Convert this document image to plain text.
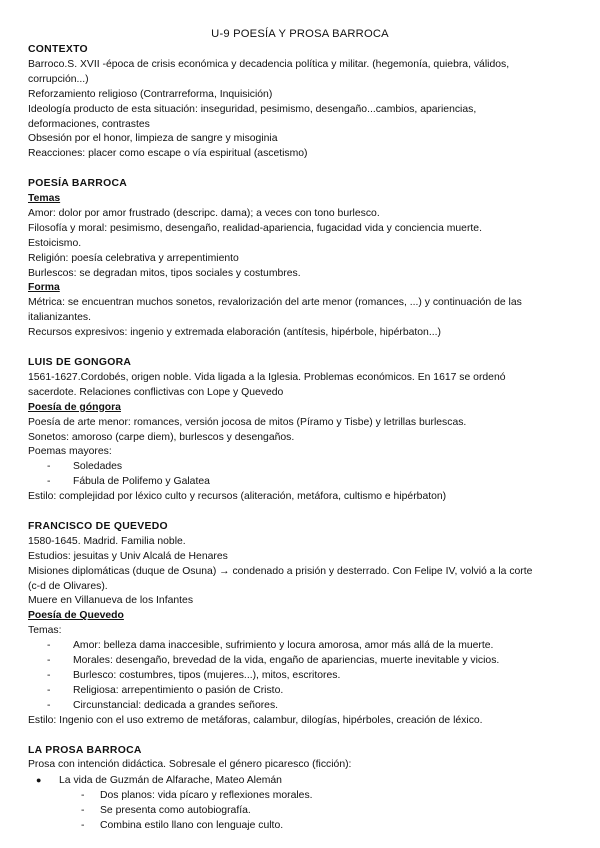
U-9 POESÍA Y PROSA BARROCA
CONTEXTO
Barroco.S. XVII -época de crisis económica y decadencia política y militar. (hegemonía, quiebra, válidos,
corrupción...)
Reforzamiento religioso (Contrarreforma, Inquisición)
Ideología producto de esta situación: inseguridad, pesimismo, desengaño...cambios, apariencias,
deformaciones, contrastes
Obsesión por el honor, limpieza de sangre y misoginia
Reacciones: placer como escape o vía espiritual (ascetismo)
POESÍA BARROCA
Temas
Amor: dolor por amor frustrado (descripc. dama); a veces con tono burlesco.
Filosofía y moral: pesimismo, desengaño, realidad-apariencia, fugacidad vida y conciencia muerte.
Estoicismo.
Religión: poesía celebrativa y arrepentimiento
Burlescos: se degradan mitos, tipos sociales y costumbres.
Forma
Métrica: se encuentran muchos sonetos, revalorización del arte menor (romances, ...) y continuación de las
italianizantes.
Recursos expresivos: ingenio y extremada elaboración (antítesis, hipérbole, hipérbaton...)
LUIS DE GONGORA
1561-1627.Cordobés, origen noble. Vida ligada a la Iglesia. Problemas económicos. En 1617 se ordenó
sacerdote. Relaciones conflictivas con Lope y Quevedo
Poesía de góngora
Poesía de arte menor: romances, versión jocosa de mitos (Píramo y Tisbe) y letrillas burlescas.
Sonetos: amoroso (carpe diem), burlescos y desengaños.
Poemas mayores:
- Soledades
- Fábula de Polifemo y Galatea
Estilo: complejidad por léxico culto y recursos (aliteración, metáfora, cultismo e hipérbaton)
FRANCISCO DE QUEVEDO
1580-1645. Madrid. Familia noble.
Estudios: jesuitas y Univ Alcalá de Henares
Misiones diplomáticas (duque de Osuna) → condenado a prisión y desterrado. Con Felipe IV, volvió a la corte
(c-d de Olivares).
Muere en Villanueva de los Infantes
Poesía de Quevedo
Temas:
- Amor: belleza dama inaccesible, sufrimiento y locura amorosa, amor más allá de la muerte.
- Morales: desengaño, brevedad de la vida, engaño de apariencias, muerte inevitable y vicios.
- Burlesco: costumbres, tipos (mujeres...), mitos, escritores.
- Religiosa: arrepentimiento o pasión de Cristo.
- Circunstancial: dedicada a grandes señores.
Estilo: Ingenio con el uso extremo de metáforas, calambur, dilogías, hipérboles, creación de léxico.
LA PROSA BARROCA
Prosa con intención didáctica. Sobresale el género picaresco (ficción):
● La vida de Guzmán de Alfarache, Mateo Alemán
- Dos planos: vida pícaro y reflexiones morales.
- Se presenta como autobiografía.
- Combina estilo llano con lenguaje culto.
